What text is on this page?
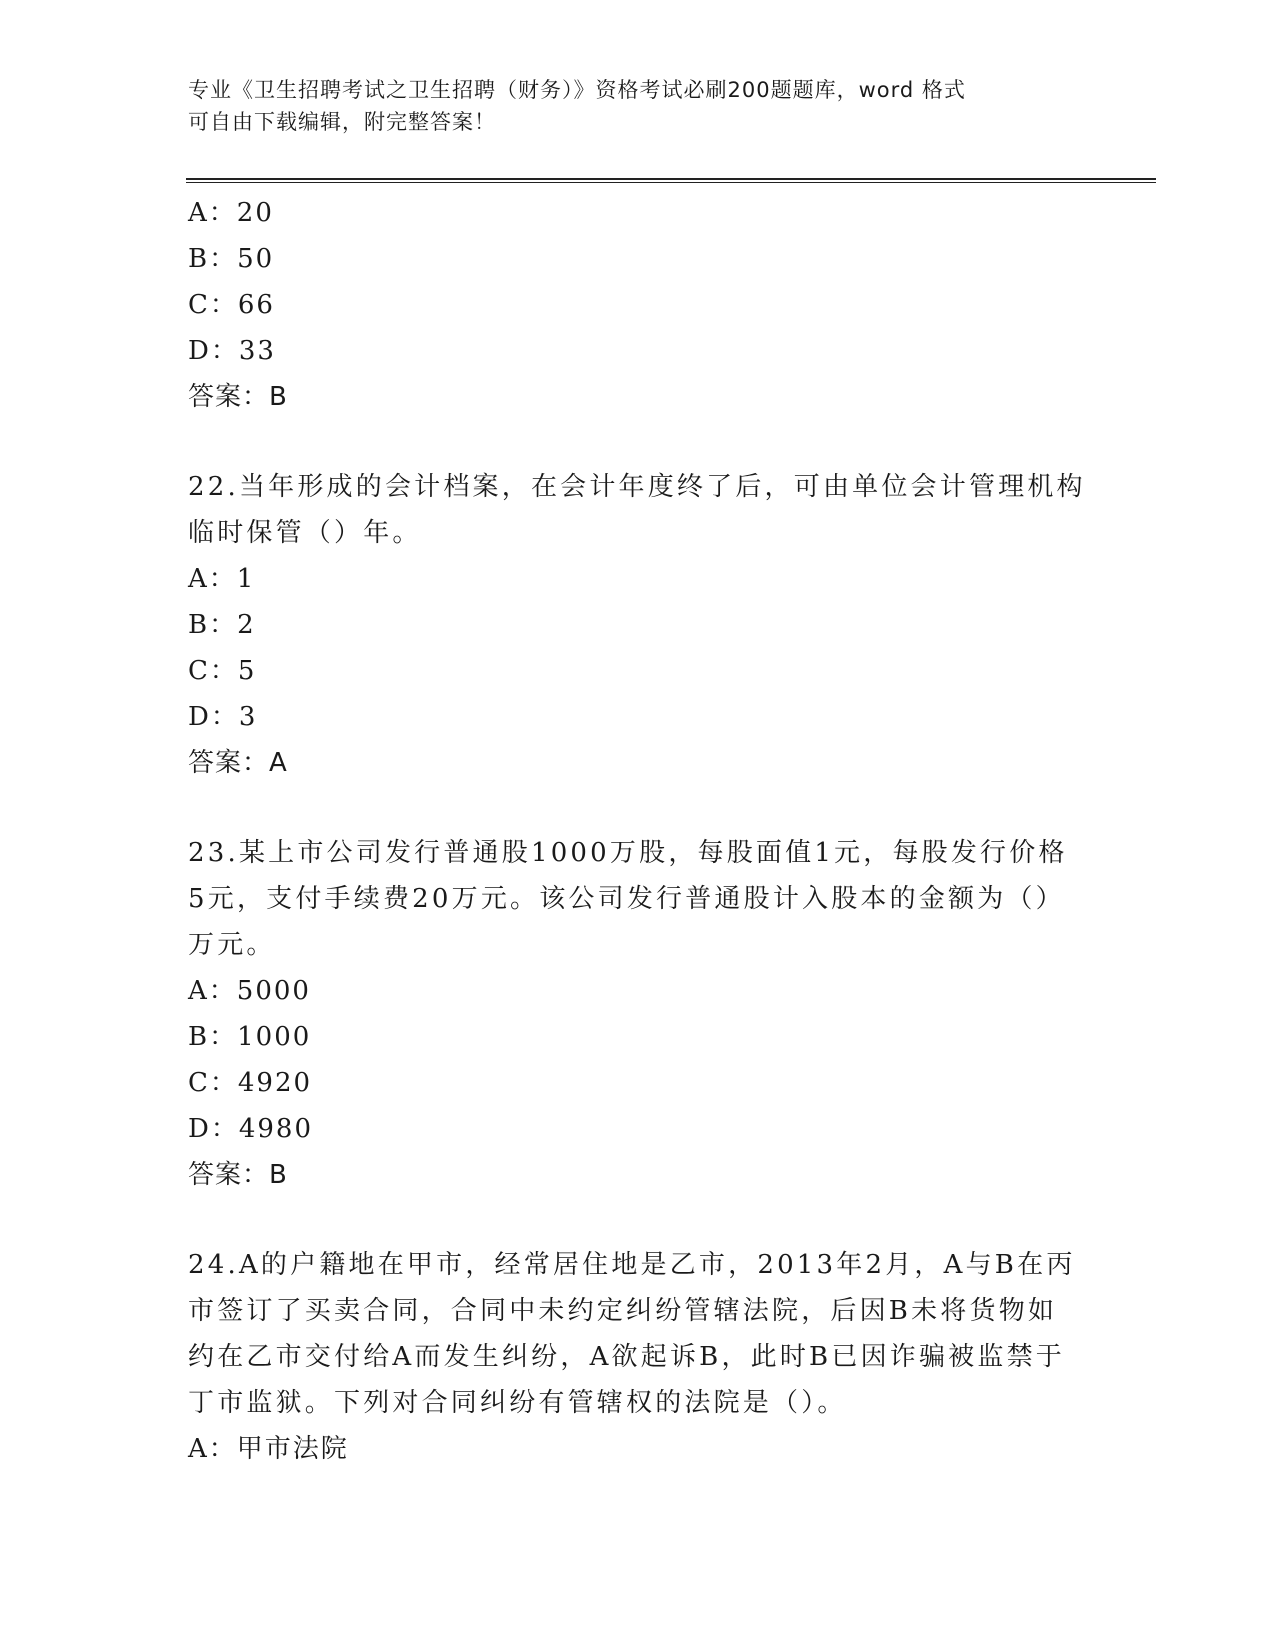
专业《卫生招聘考试之卫生招聘（财务）》资格考试必刷200题题库，word 格式
可自由下载编辑，附完整答案！
A：20
B：50
C：66
D：33
答案：B
22.当年形成的会计档案，在会计年度终了后，可由单位会计管理机构
临时保管（）年。
A：1
B：2
C：5
D：3
答案：A
23.某上市公司发行普通股1000万股，每股面值1元，每股发行价格
5元，支付手续费20万元。该公司发行普通股计入股本的金额为（）
万元。
A：5000
B：1000
C：4920
D：4980
答案：B
24.A的户籍地在甲市，经常居住地是乙市，2013年2月，A与B在丙
市签订了买卖合同，合同中未约定纠纷管辖法院，后因B未将货物如
约在乙市交付给A而发生纠纷，A欲起诉B，此时B已因诈骗被监禁于
丁市监狱。下列对合同纠纷有管辖权的法院是（）。
A：甲市法院
